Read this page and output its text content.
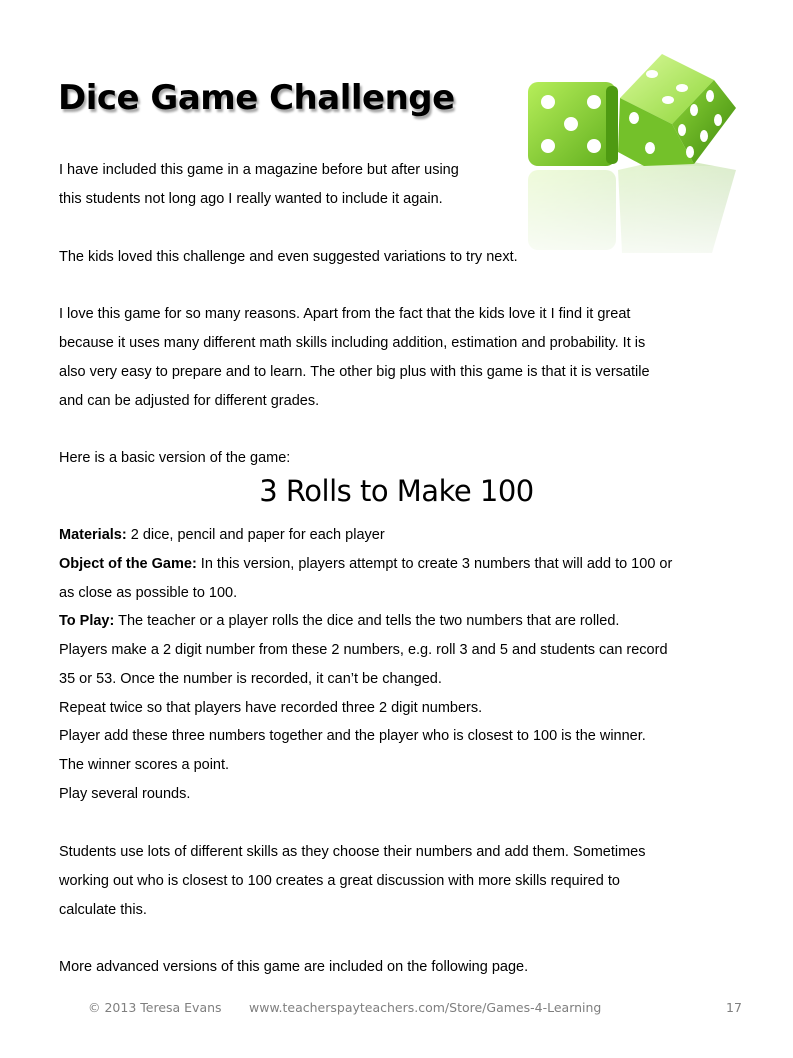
Dice Game Challenge

I have included this game in a magazine before but after using

this students not long ago I really wanted to include it again.

The kids loved this challenge and even suggested variations to try next.

I love this game for so many reasons. Apart from the fact that the kids love it I find it great

because it uses many different math skills including addition, estimation and probability. It is

also very easy to prepare and to learn. The other big plus with this game is that it is versatile

and can be adjusted for different grades.

Here is a basic version of the game:

3 Rolls to Make 100

Materials: 2 dice, pencil and paper for each player

Object of the Game: In this version, players attempt to create 3 numbers that will add to 100 or

as close as possible to 100.

To Play: The teacher or a player rolls the dice and tells the two numbers that are rolled.

Players make a 2 digit number from these 2 numbers, e.g. roll 3 and 5 and students can record

35 or 53. Once the number is recorded, it can’t be changed.

Repeat twice so that players have recorded three 2 digit numbers.

Player add these three numbers together and the player who is closest to 100 is the winner.

The winner scores a point.

Play several rounds.

Students use lots of different skills as they choose their numbers and add them. Sometimes

working out who is closest to 100 creates a great discussion with more skills required to

calculate this.

More advanced versions of this game are included on the following page.

© 2013 Teresa Evans www.teacherspayteachers.com/Store/Games-4-Learning	17
